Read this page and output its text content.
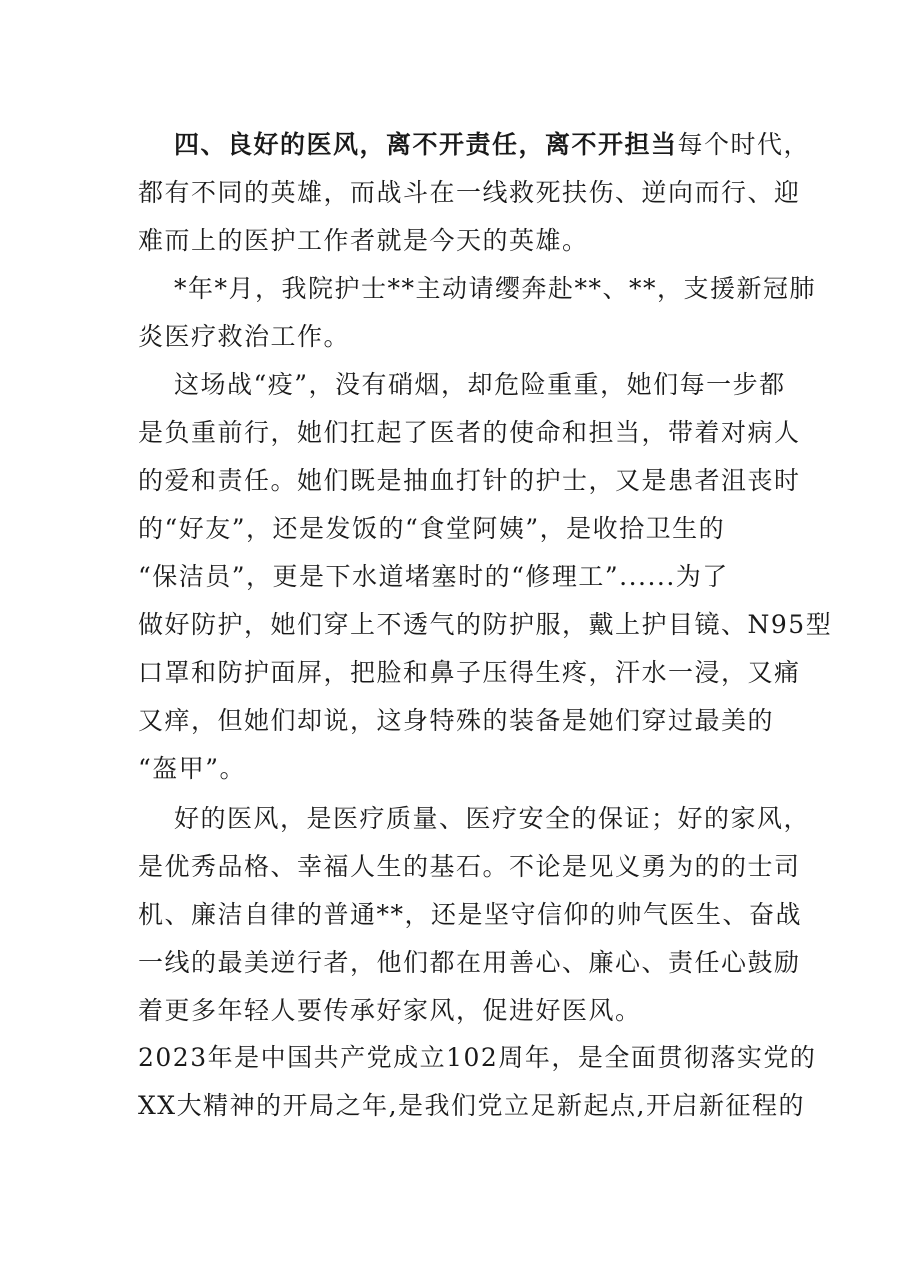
四、良好的医风，离不开责任，离不开担当每个时代，
都有不同的英雄，而战斗在一线救死扶伤、逆向而行、迎
难而上的医护工作者就是今天的英雄。
*年*月，我院护士**主动请缨奔赴**、**，支援新冠肺
炎医疗救治工作。
这场战“疫”，没有硝烟，却危险重重，她们每一步都
是负重前行，她们扛起了医者的使命和担当，带着对病人
的爱和责任。她们既是抽血打针的护士，又是患者沮丧时
的“好友”，还是发饭的“食堂阿姨”，是收拾卫生的
“保洁员”，更是下水道堵塞时的“修理工”......为了
做好防护，她们穿上不透气的防护服，戴上护目镜、N95型
口罩和防护面屏，把脸和鼻子压得生疼，汗水一浸，又痛
又痒，但她们却说，这身特殊的装备是她们穿过最美的
“盔甲”。
好的医风，是医疗质量、医疗安全的保证；好的家风，
是优秀品格、幸福人生的基石。不论是见义勇为的的士司
机、廉洁自律的普通**，还是坚守信仰的帅气医生、奋战
一线的最美逆行者，他们都在用善心、廉心、责任心鼓励
着更多年轻人要传承好家风，促进好医风。
2023年是中国共产党成立102周年，是全面贯彻落实党的
XX大精神的开局之年,是我们党立足新起点,开启新征程的
